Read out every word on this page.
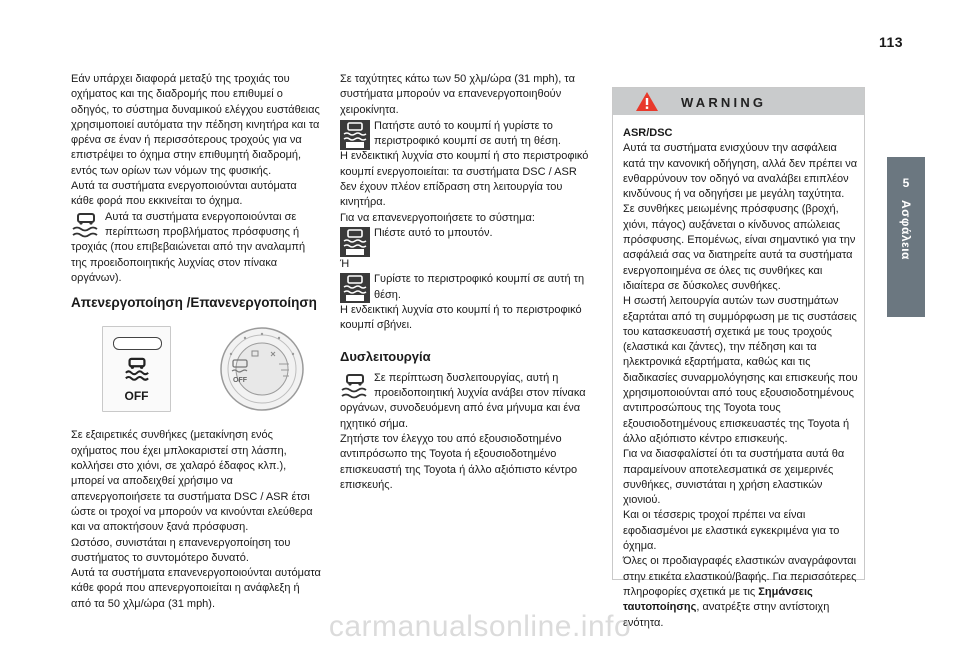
113
5
Ασφάλεια

Εάν υπάρχει διαφορά μεταξύ της τροχιάς του οχήματος και της διαδρομής που επιθυμεί ο οδηγός, το σύστημα δυναμικού ελέγχου ευστάθειας χρησιμοποιεί αυτόματα την πέδηση κινητήρα και τα φρένα σε έναν ή περισσότερους τροχούς για να επιστρέψει το όχημα στην επιθυμητή διαδρομή, εντός των ορίων των νόμων της φυσικής.

Αυτά τα συστήματα ενεργοποιούνται αυτόματα κάθε φορά που εκκινείται το όχημα.

Αυτά τα συστήματα ενεργοποιούνται σε
περίπτωση προβλήματος πρόσφυσης ή

τροχιάς (που επιβεβαιώνεται από την αναλαμπή της προειδοποιητικής λυχνίας στον πίνακα οργάνων).

Απενεργοποίηση /Επανενεργοποίηση
OFF
OFF

Σε εξαιρετικές συνθήκες (μετακίνηση ενός οχήματος που έχει μπλοκαριστεί στη λάσπη, κολλήσει στο χιόνι, σε χαλαρό έδαφος κλπ.), μπορεί να αποδειχθεί χρήσιμο να απενεργοποιήσετε τα συστήματα DSC / ASR έτσι ώστε οι τροχοί να μπορούν να κινούνται ελεύθερα και να αποκτήσουν ξανά πρόσφυση.

Ωστόσο, συνιστάται η επανενεργοποίηση του συστήματος το συντομότερο δυνατό.

Αυτά τα συστήματα επανενεργοποιούνται αυτόματα κάθε φορά που απενεργοποιείται η ανάφλεξη ή από τα 50 χλμ/ώρα (31 mph).

Σε ταχύτητες κάτω των 50 χλμ/ώρα (31 mph), τα συστήματα μπορούν να επανενεργοποιηθούν χειροκίνητα.

Πατήστε αυτό το κουμπί ή γυρίστε το
περιστροφικό κουμπί σε αυτή τη θέση.

Η ενδεικτική λυχνία στο κουμπί ή στο περιστροφικό κουμπί ενεργοποιείται: τα συστήματα DSC / ASR δεν έχουν πλέον επίδραση στη λειτουργία του κινητήρα.

Για να επανενεργοποιήσετε το σύστημα:

Πιέστε αυτό το μπουτόν.

Ή

Γυρίστε το περιστροφικό κουμπί σε αυτή τη
θέση.

Η ενδεικτική λυχνία στο κουμπί ή το περιστροφικό κουμπί σβήνει.

Δυσλειτουργία
Σε περίπτωση δυσλειτουργίας, αυτή η
προειδοποιητική λυχνία ανάβει στον πίνακα

οργάνων, συνοδευόμενη από ένα μήνυμα και ένα ηχητικό σήμα.

Ζητήστε τον έλεγχο του από εξουσιοδοτημένο αντιπρόσωπο της Toyota ή εξουσιοδοτημένο επισκευαστή της Toyota ή άλλο αξιόπιστο κέντρο επισκευής.

WARNING

ASR/DSC

Αυτά τα συστήματα ενισχύουν την ασφάλεια κατά την κανονική οδήγηση, αλλά δεν πρέπει να ενθαρρύνουν τον οδηγό να αναλάβει επιπλέον κινδύνους ή να οδηγήσει με μεγάλη ταχύτητα.

Σε συνθήκες μειωμένης πρόσφυσης (βροχή, χιόνι, πάγος) αυξάνεται ο κίνδυνος απώλειας πρόσφυσης. Επομένως, είναι σημαντικό για την ασφάλειά σας να διατηρείτε αυτά τα συστήματα ενεργοποιημένα σε όλες τις συνθήκες και ιδιαίτερα σε δύσκολες συνθήκες.

Η σωστή λειτουργία αυτών των συστημάτων εξαρτάται από τη συμμόρφωση με τις συστάσεις του κατασκευαστή σχετικά με τους τροχούς (ελαστικά και ζάντες), την πέδηση και τα ηλεκτρονικά εξαρτήματα, καθώς και τις διαδικασίες συναρμολόγησης και επισκευής που χρησιμοποιούνται από τους εξουσιοδοτημένους αντιπροσώπους της Toyota τους εξουσιοδοτημένους επισκευαστές της Toyota ή άλλο αξιόπιστο κέντρο επισκευής.

Για να διασφαλίστεί ότι τα συστήματα αυτά θα παραμείνουν αποτελεσματικά σε χειμερινές συνθήκες, συνιστάται η χρήση ελαστικών χιονιού.

Και οι τέσσερις τροχοί πρέπει να είναι εφοδιασμένοι με ελαστικά εγκεκριμένα για το όχημα.

Όλες οι προδιαγραφές ελαστικών αναγράφονται στην ετικέτα ελαστικού/βαφής. Για περισσότερες πληροφορίες σχετικά με τις Σημάνσεις ταυτοποίησης, ανατρέξτε στην αντίστοιχη ενότητα.

carmanualsonline.info
